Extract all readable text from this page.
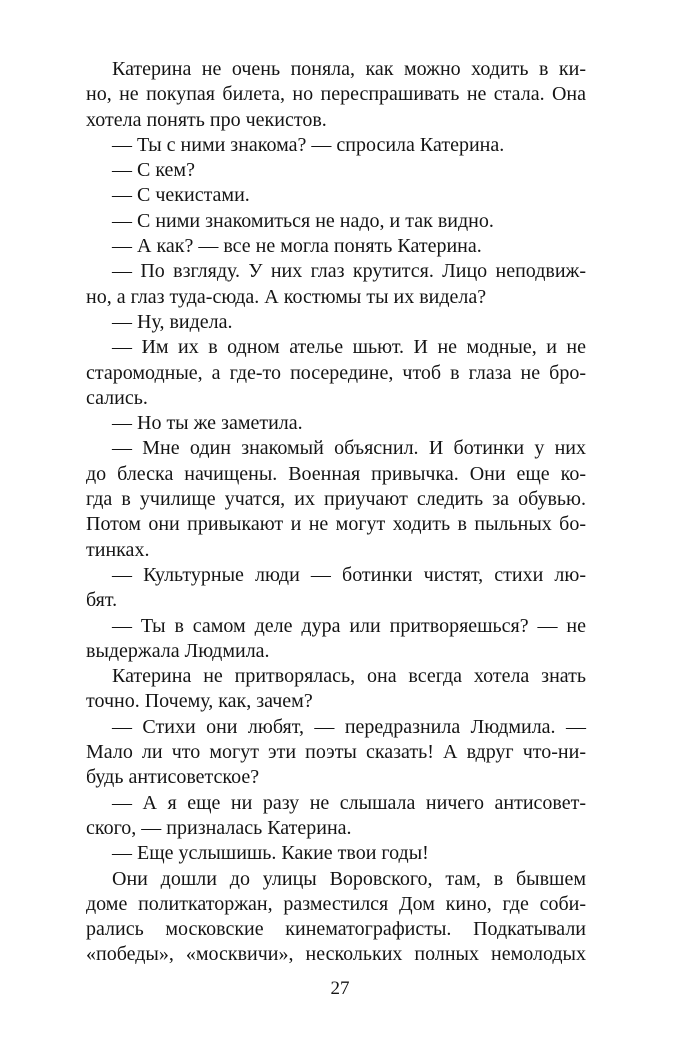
Катерина не очень поняла, как можно ходить в ки-
но, не покупая билета, но переспрашивать не стала. Она
хотела понять про чекистов.
— Ты с ними знакома? — спросила Катерина.
— С кем?
— С чекистами.
— С ними знакомиться не надо, и так видно.
— А как? — все не могла понять Катерина.
— По взгляду. У них глаз крутится. Лицо неподвиж-
но, а глаз туда-сюда. А костюмы ты их видела?
— Ну, видела.
— Им их в одном ателье шьют. И не модные, и не
старомодные, а где-то посередине, чтоб в глаза не бро-
сались.
— Но ты же заметила.
— Мне один знакомый объяснил. И ботинки у них
до блеска начищены. Военная привычка. Они еще ко-
гда в училище учатся, их приучают следить за обувью.
Потом они привыкают и не могут ходить в пыльных бо-
тинках.
— Культурные люди — ботинки чистят, стихи лю-
бят.
— Ты в самом деле дура или притворяешься? — не
выдержала Людмила.
Катерина не притворялась, она всегда хотела знать
точно. Почему, как, зачем?
— Стихи они любят, — передразнила Людмила. —
Мало ли что могут эти поэты сказать! А вдруг что-ни-
будь антисоветское?
— А я еще ни разу не слышала ничего антисовет-
ского, — призналась Катерина.
— Еще услышишь. Какие твои годы!
Они дошли до улицы Воровского, там, в бывшем
доме политкаторжан, разместился Дом кино, где соби-
рались московские кинематографисты. Подкатывали
«победы», «москвичи», нескольких полных немолодых
27
